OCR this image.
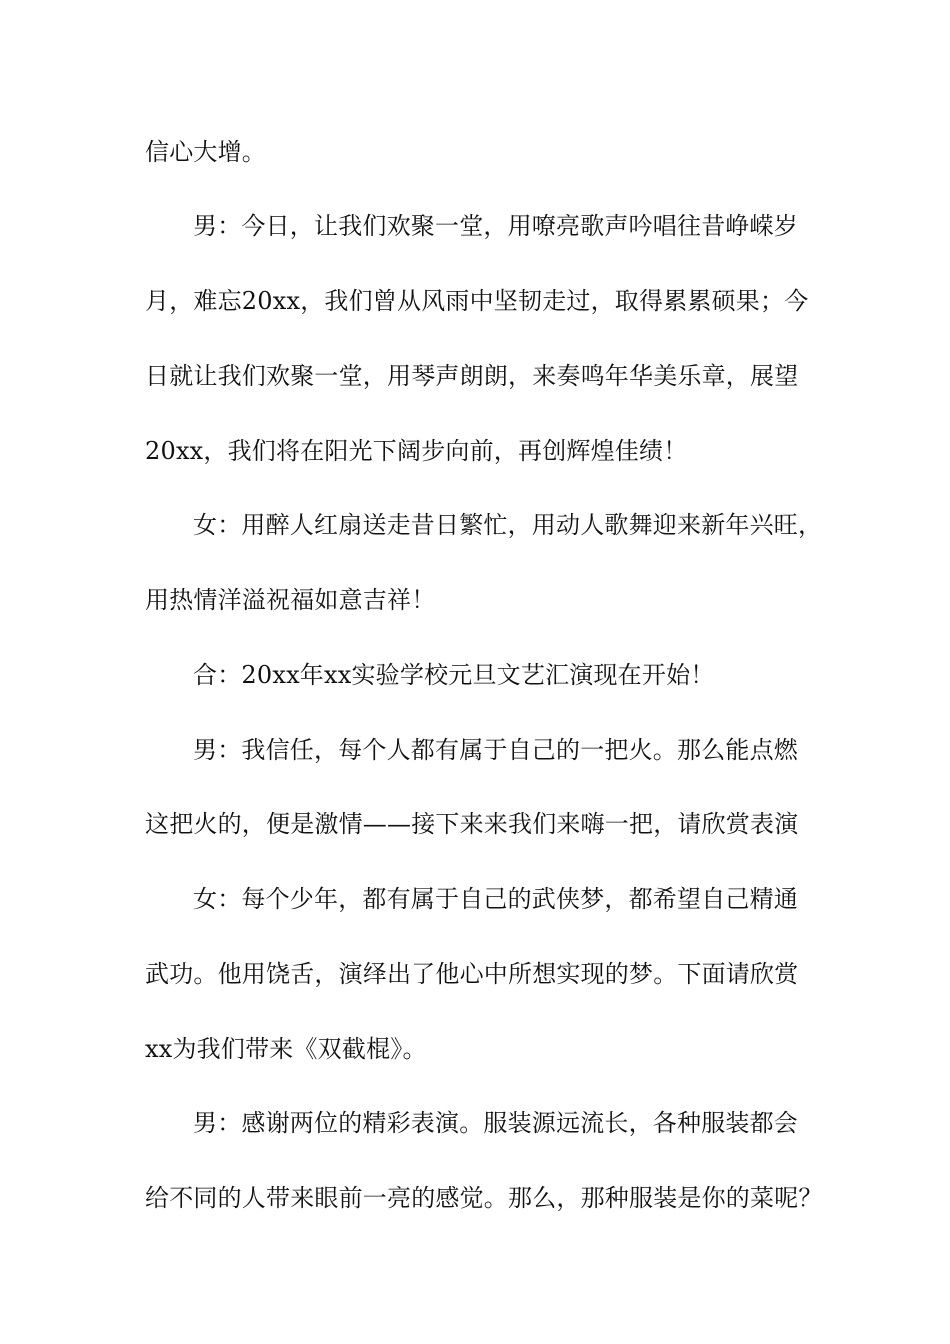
信心大增。
男：今日，让我们欢聚一堂，用嘹亮歌声吟唱往昔峥嵘岁
月，难忘20xx，我们曾从风雨中坚韧走过，取得累累硕果；今
日就让我们欢聚一堂，用琴声朗朗，来奏鸣年华美乐章，展望
20xx，我们将在阳光下阔步向前，再创辉煌佳绩！
女：用醉人红扇送走昔日繁忙，用动人歌舞迎来新年兴旺，
用热情洋溢祝福如意吉祥！
合：20xx年xx实验学校元旦文艺汇演现在开始！
男：我信任，每个人都有属于自己的一把火。那么能点燃
这把火的，便是激情——接下来来我们来嗨一把，请欣赏表演
女：每个少年，都有属于自己的武侠梦，都希望自己精通
武功。他用饶舌，演绎出了他心中所想实现的梦。下面请欣赏
xx为我们带来《双截棍》。
男：感谢两位的精彩表演。服装源远流长，各种服装都会
给不同的人带来眼前一亮的感觉。那么，那种服装是你的菜呢？
